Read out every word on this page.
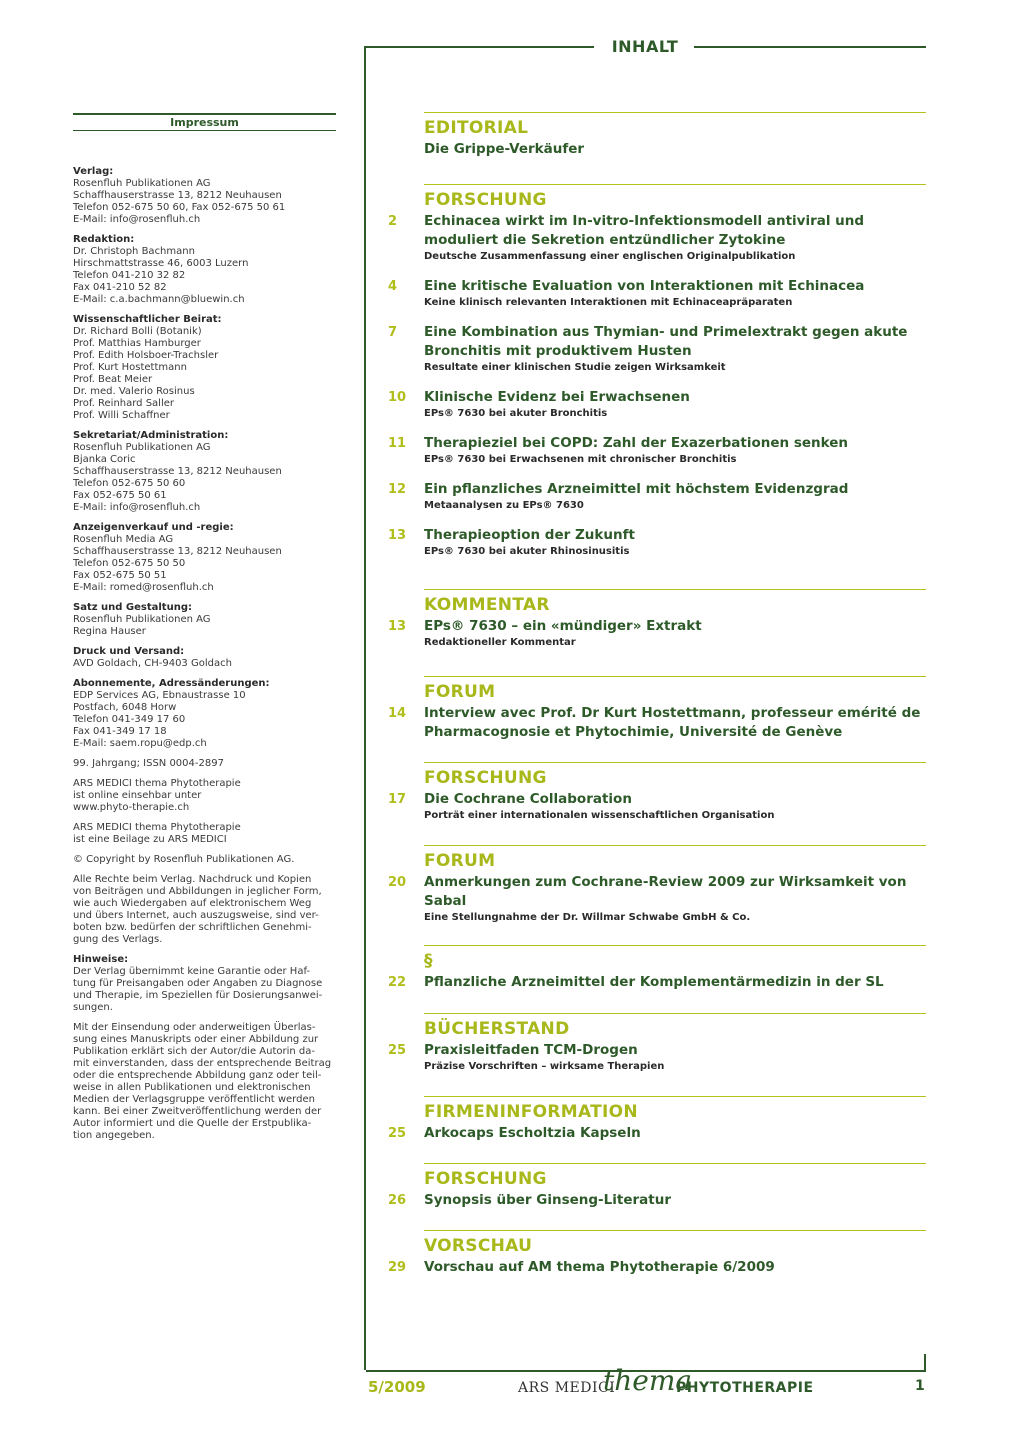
INHALT
Impressum
Verlag:
Rosenfluh Publikationen AG
Schaffhauserstrasse 13, 8212 Neuhausen
Telefon 052-675 50 60, Fax 052-675 50 61
E-Mail: info@rosenfluh.ch
Redaktion:
Dr. Christoph Bachmann
Hirschmattstrasse 46, 6003 Luzern
Telefon 041-210 32 82
Fax 041-210 52 82
E-Mail: c.a.bachmann@bluewin.ch
Wissenschaftlicher Beirat:
Dr. Richard Bolli (Botanik)
Prof. Matthias Hamburger
Prof. Edith Holsboer-Trachsler
Prof. Kurt Hostettmann
Prof. Beat Meier
Dr. med. Valerio Rosinus
Prof. Reinhard Saller
Prof. Willi Schaffner
Sekretariat/Administration:
Rosenfluh Publikationen AG
Bjanka Coric
Schaffhauserstrasse 13, 8212 Neuhausen
Telefon 052-675 50 60
Fax 052-675 50 61
E-Mail: info@rosenfluh.ch
Anzeigenverkauf und -regie:
Rosenfluh Media AG
Schaffhauserstrasse 13, 8212 Neuhausen
Telefon 052-675 50 50
Fax 052-675 50 51
E-Mail: romed@rosenfluh.ch
Satz und Gestaltung:
Rosenfluh Publikationen AG
Regina Hauser
Druck und Versand:
AVD Goldach, CH-9403 Goldach
Abonnemente, Adressänderungen:
EDP Services AG, Ebnaustrasse 10
Postfach, 6048 Horw
Telefon 041-349 17 60
Fax 041-349 17 18
E-Mail: saem.ropu@edp.ch
99. Jahrgang; ISSN 0004-2897
ARS MEDICI thema Phytotherapie
ist online einsehbar unter
www.phyto-therapie.ch
ARS MEDICI thema Phytotherapie
ist eine Beilage zu ARS MEDICI
© Copyright by Rosenfluh Publikationen AG.
Alle Rechte beim Verlag. Nachdruck und Kopien
von Beiträgen und Abbildungen in jeglicher Form,
wie auch Wiedergaben auf elektronischem Weg
und übers Internet, auch auszugsweise, sind ver-
boten bzw. bedürfen der schriftlichen Genehmi-
gung des Verlags.
Hinweise:
Der Verlag übernimmt keine Garantie oder Haf-
tung für Preisangaben oder Angaben zu Diagnose
und Therapie, im Speziellen für Dosierungsanwei-
sungen.
Mit der Einsendung oder anderweitigen Überlas-
sung eines Manuskripts oder einer Abbildung zur
Publikation erklärt sich der Autor/die Autorin da-
mit einverstanden, dass der entsprechende Beitrag
oder die entsprechende Abbildung ganz oder teil-
weise in allen Publikationen und elektronischen
Medien der Verlagsgruppe veröffentlicht werden
kann. Bei einer Zweitveröffentlichung werden der
Autor informiert und die Quelle der Erstpublika-
tion angegeben.
EDITORIAL
Die Grippe-Verkäufer
FORSCHUNG
2	Echinacea wirkt im In-vitro-Infektionsmodell antiviral und moduliert die Sekretion entzündlicher Zytokine
Deutsche Zusammenfassung einer englischen Originalpublikation
4	Eine kritische Evaluation von Interaktionen mit Echinacea
Keine klinisch relevanten Interaktionen mit Echinaceapräparaten
7	Eine Kombination aus Thymian- und Primelextrakt gegen akute Bronchitis mit produktivem Husten
Resultate einer klinischen Studie zeigen Wirksamkeit
10 Klinische Evidenz bei Erwachsenen
EPs® 7630 bei akuter Bronchitis
11 Therapieziel bei COPD: Zahl der Exazerbationen senken
EPs® 7630 bei Erwachsenen mit chronischer Bronchitis
12 Ein pflanzliches Arzneimittel mit höchstem Evidenzgrad
Metaanalysen zu EPs® 7630
13 Therapieoption der Zukunft
EPs® 7630 bei akuter Rhinosinusitis
KOMMENTAR
13 EPs® 7630 – ein «mündiger» Extrakt
Redaktioneller Kommentar
FORUM
14 Interview avec Prof. Dr Kurt Hostettmann, professeur emérité de Pharmacognosie et Phytochimie, Université de Genève
FORSCHUNG
17 Die Cochrane Collaboration
Porträt einer internationalen wissenschaftlichen Organisation
FORUM
20 Anmerkungen zum Cochrane-Review 2009 zur Wirksamkeit von Sabal
Eine Stellungnahme der Dr. Willmar Schwabe GmbH & Co.
§
22 Pflanzliche Arzneimittel der Komplementärmedizin in der SL
BÜCHERSTAND
25 Praxisleitfaden TCM-Drogen
Präzise Vorschriften – wirksame Therapien
FIRMENINFORMATION
25 Arkocaps Escholtzia Kapseln
FORSCHUNG
26 Synopsis über Ginseng-Literatur
VORSCHAU
29 Vorschau auf AM thema Phytotherapie 6/2009
5/2009	ARS MEDICI
thema
PHYTOTHERAPIE	1
